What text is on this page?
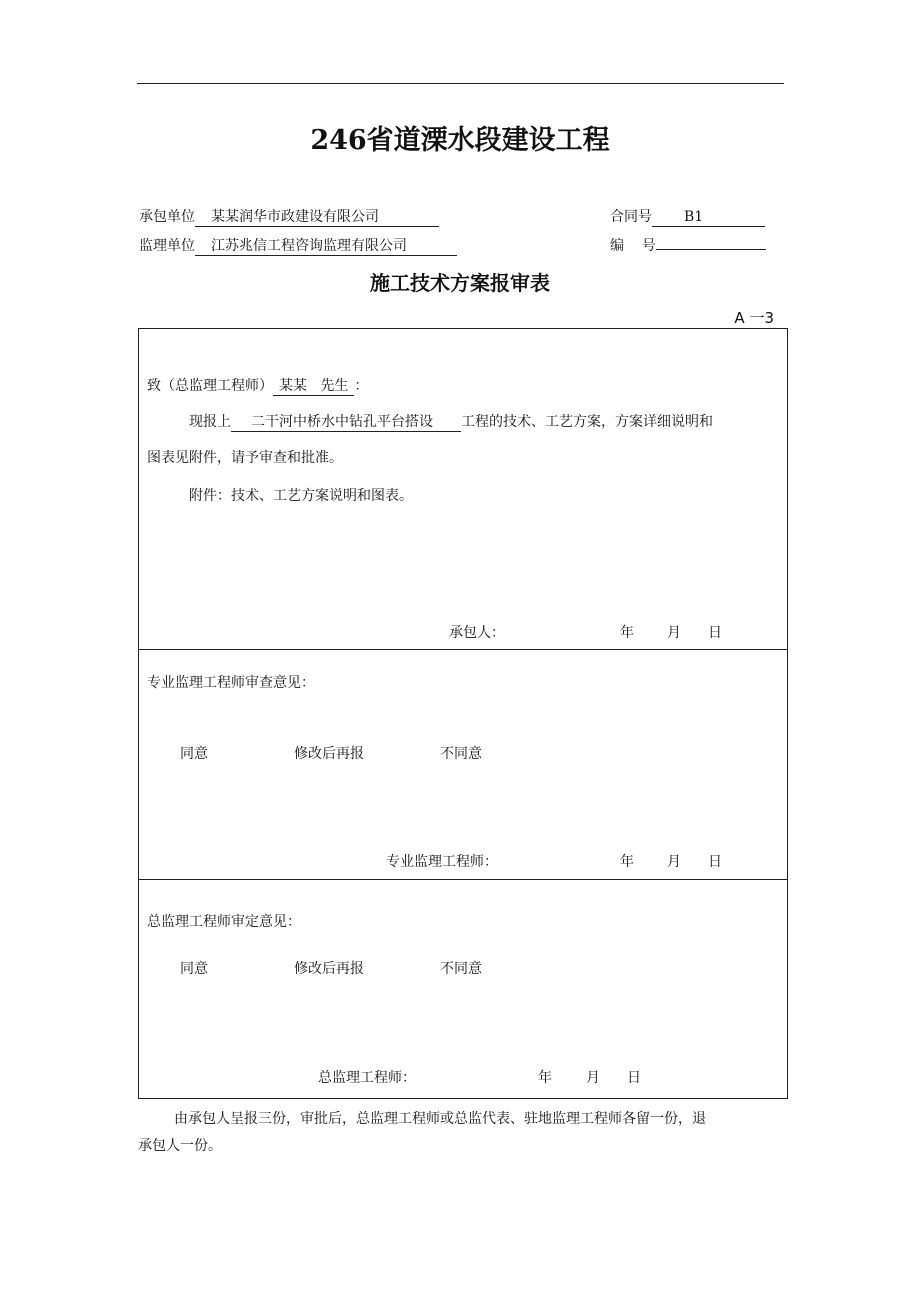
246省道溧水段建设工程
承包单位 某某润华市政建设有限公司	合同号 B1
监理单位 江苏兆信工程咨询监理有限公司	编    号
施工技术方案报审表
A 一3
致（总监理工程师） 某某   先生 ：
现报上 二干河中桥水中钻孔平台搭设 工程的技术、工艺方案，方案详细说明和
图表见附件，请予审查和批准。
附件：技术、工艺方案说明和图表。
承包人：	年 月 日
专业监理工程师审查意见：
同意	修改后再报	不同意
专业监理工程师：	年 月 日
总监理工程师审定意见：
同意	修改后再报	不同意
总监理工程师：	年 月 日
由承包人呈报三份，审批后，总监理工程师或总监代表、驻地监理工程师各留一份，退
承包人一份。
